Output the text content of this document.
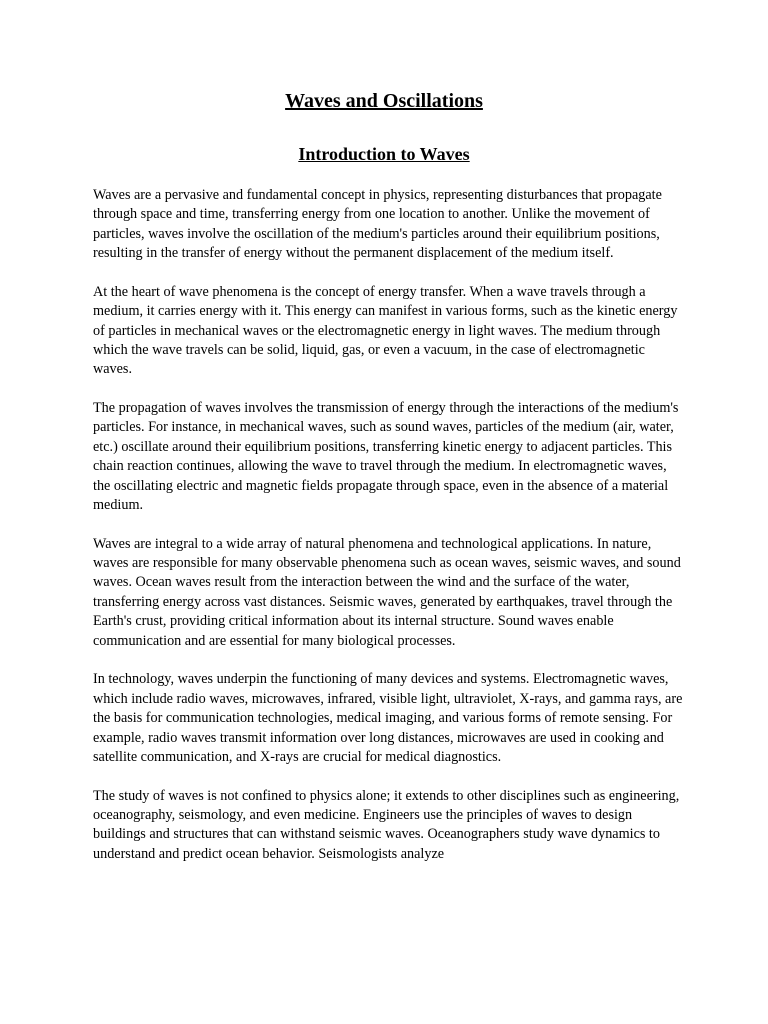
Waves and Oscillations
Introduction to Waves

Waves are a pervasive and fundamental concept in physics, representing disturbances that propagate through space and time, transferring energy from one location to another. Unlike the movement of particles, waves involve the oscillation of the medium's particles around their equilibrium positions, resulting in the transfer of energy without the permanent displacement of the medium itself.

At the heart of wave phenomena is the concept of energy transfer. When a wave travels through a medium, it carries energy with it. This energy can manifest in various forms, such as the kinetic energy of particles in mechanical waves or the electromagnetic energy in light waves. The medium through which the wave travels can be solid, liquid, gas, or even a vacuum, in the case of electromagnetic waves.

The propagation of waves involves the transmission of energy through the interactions of the medium's particles. For instance, in mechanical waves, such as sound waves, particles of the medium (air, water, etc.) oscillate around their equilibrium positions, transferring kinetic energy to adjacent particles. This chain reaction continues, allowing the wave to travel through the medium. In electromagnetic waves, the oscillating electric and magnetic fields propagate through space, even in the absence of a material medium.

Waves are integral to a wide array of natural phenomena and technological applications. In nature, waves are responsible for many observable phenomena such as ocean waves, seismic waves, and sound waves. Ocean waves result from the interaction between the wind and the surface of the water, transferring energy across vast distances. Seismic waves, generated by earthquakes, travel through the Earth's crust, providing critical information about its internal structure. Sound waves enable communication and are essential for many biological processes.

In technology, waves underpin the functioning of many devices and systems. Electromagnetic waves, which include radio waves, microwaves, infrared, visible light, ultraviolet, X-rays, and gamma rays, are the basis for communication technologies, medical imaging, and various forms of remote sensing. For example, radio waves transmit information over long distances, microwaves are used in cooking and satellite communication, and X-rays are crucial for medical diagnostics.

The study of waves is not confined to physics alone; it extends to other disciplines such as engineering, oceanography, seismology, and even medicine. Engineers use the principles of waves to design buildings and structures that can withstand seismic waves. Oceanographers study wave dynamics to understand and predict ocean behavior. Seismologists analyze
